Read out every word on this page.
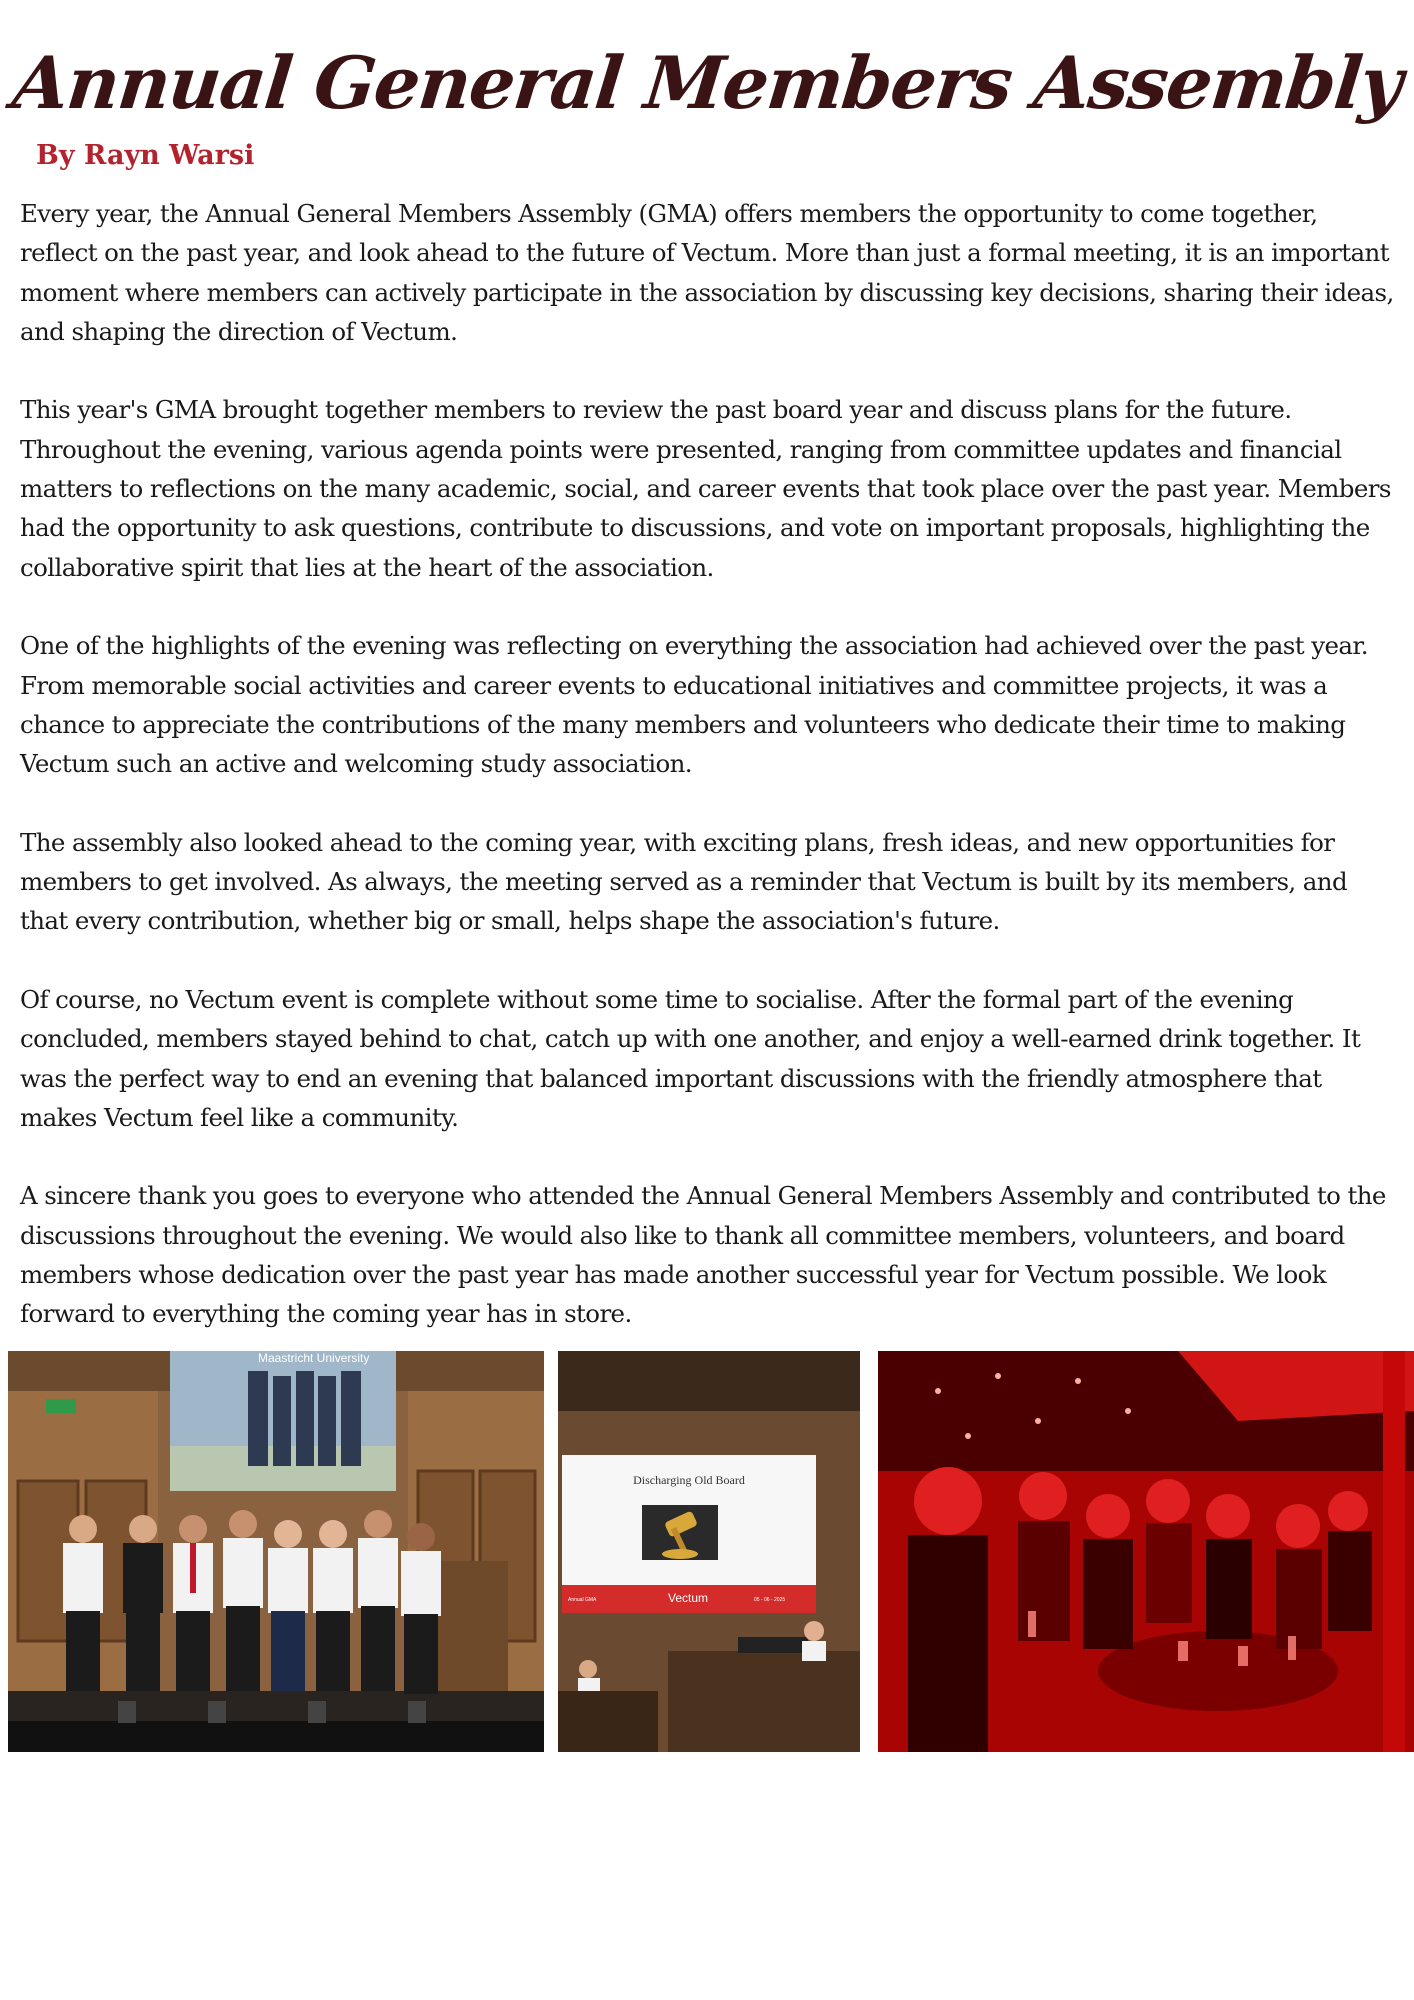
Annual General Members Assembly
By Rayn Warsi

Every year, the Annual General Members Assembly (GMA) offers members the opportunity to come together, reflect on the past year, and look ahead to the future of Vectum. More than just a formal meeting, it is an important moment where members can actively participate in the association by discussing key decisions, sharing their ideas, and shaping the direction of Vectum.

This year's GMA brought together members to review the past board year and discuss plans for the future. Throughout the evening, various agenda points were presented, ranging from committee updates and financial matters to reflections on the many academic, social, and career events that took place over the past year. Members had the opportunity to ask questions, contribute to discussions, and vote on important proposals, highlighting the collaborative spirit that lies at the heart of the association.

One of the highlights of the evening was reflecting on everything the association had achieved over the past year. From memorable social activities and career events to educational initiatives and committee projects, it was a chance to appreciate the contributions of the many members and volunteers who dedicate their time to making Vectum such an active and welcoming study association.

The assembly also looked ahead to the coming year, with exciting plans, fresh ideas, and new opportunities for members to get involved. As always, the meeting served as a reminder that Vectum is built by its members, and that every contribution, whether big or small, helps shape the association's future.

Of course, no Vectum event is complete without some time to socialise. After the formal part of the evening concluded, members stayed behind to chat, catch up with one another, and enjoy a well-earned drink together. It was the perfect way to end an evening that balanced important discussions with the friendly atmosphere that makes Vectum feel like a community.

A sincere thank you goes to everyone who attended the Annual General Members Assembly and contributed to the discussions throughout the evening. We would also like to thank all committee members, volunteers, and board members whose dedication over the past year has made another successful year for Vectum possible. We look forward to everything the coming year has in store.

Maastricht University
Discharging Old Board
Vectum
Annual GMA	05 - 06 - 2025
